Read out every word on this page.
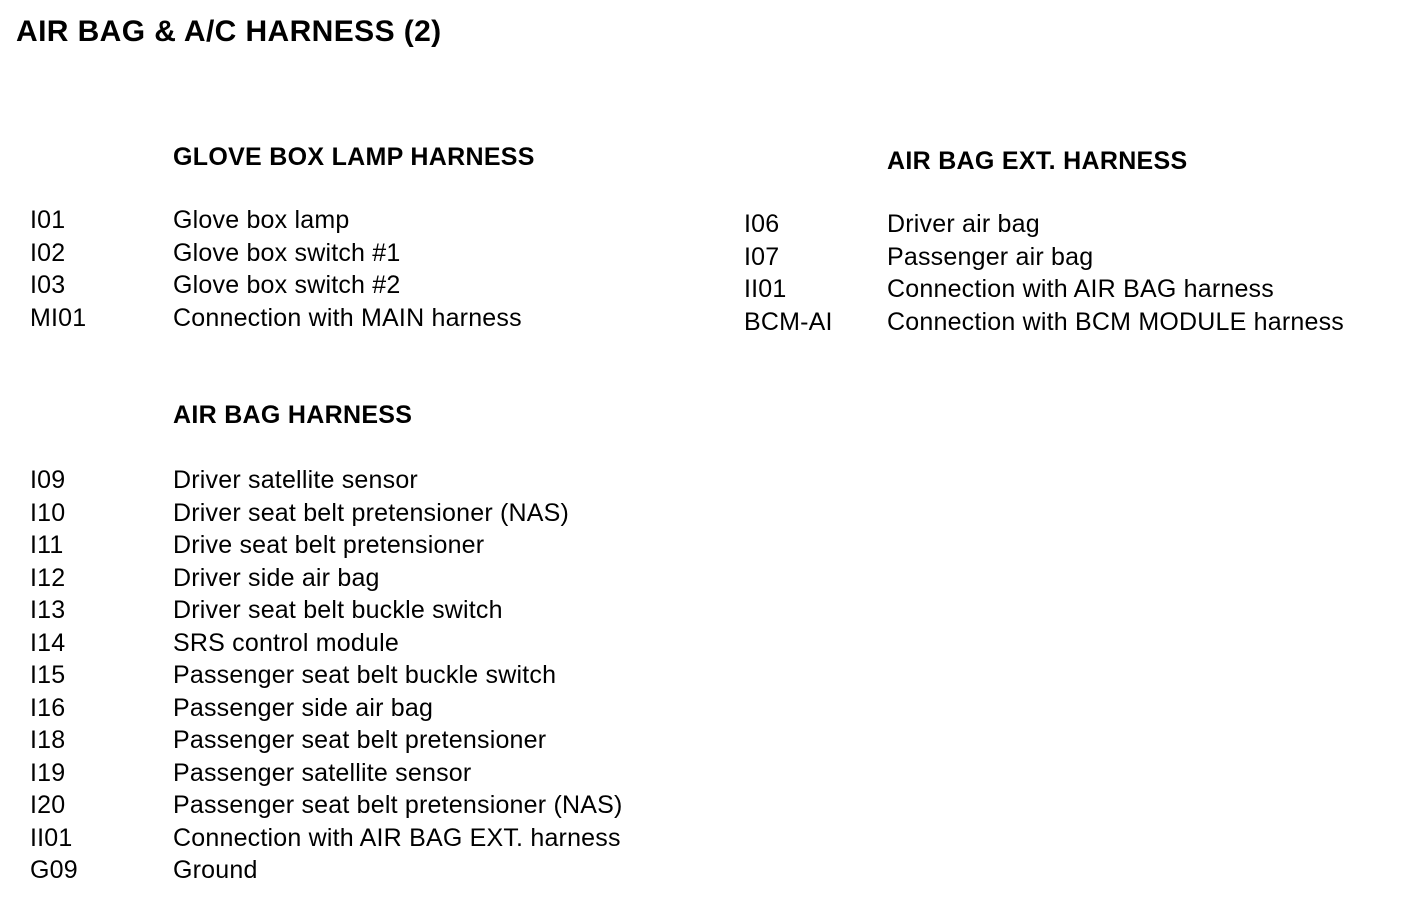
AIR BAG & A/C HARNESS (2)
GLOVE BOX LAMP HARNESS
I01	Glove box lamp
I02	Glove box switch #1
I03	Glove box switch #2
MI01	Connection with MAIN harness
AIR BAG HARNESS
I09	Driver satellite sensor
I10	Driver seat belt pretensioner (NAS)
I11	Drive seat belt pretensioner
I12	Driver side air bag
I13	Driver seat belt buckle switch
I14	SRS control module
I15	Passenger seat belt buckle switch
I16	Passenger side air bag
I18	Passenger seat belt pretensioner
I19	Passenger satellite sensor
I20	Passenger seat belt pretensioner (NAS)
II01	Connection with AIR BAG EXT. harness
G09	Ground
AIR BAG EXT. HARNESS
I06	Driver air bag
I07	Passenger air bag
II01	Connection with AIR BAG harness
BCM-AI Connection with BCM MODULE harness
